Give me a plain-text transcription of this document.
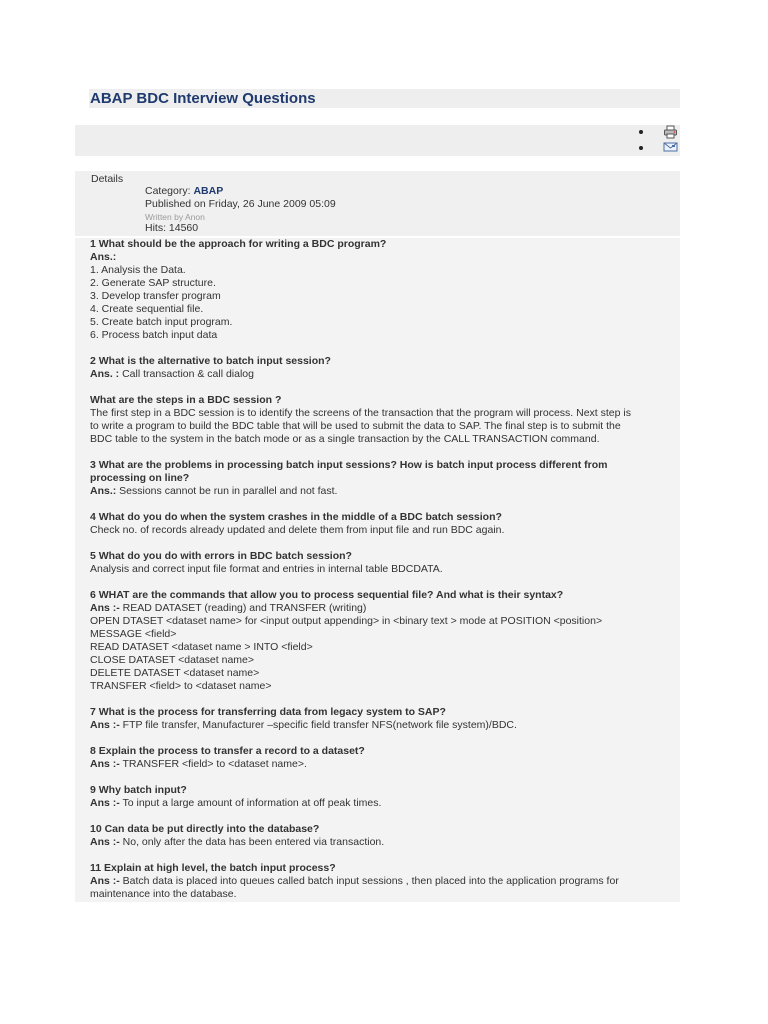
ABAP BDC Interview Questions
Details
Category: ABAP
Published on Friday, 26 June 2009 05:09
Written by Anon
Hits: 14560

1 What should be the approach for writing a BDC program?

Ans.:

1. Analysis the Data.
2. Generate SAP structure.
3. Develop transfer program
4. Create sequential file.
5. Create batch input program.
6. Process batch input data

2 What is the alternative to batch input session?

Ans. : Call transaction & call dialog

What are the steps in a BDC session ?

The first step in a BDC session is to identify the screens of the transaction that the program will process. Next step is

to write a program to build the BDC table that will be used to submit the data to SAP. The final step is to submit the

BDC table to the system in the batch mode or as a single transaction by the CALL TRANSACTION command.

3 What are the problems in processing batch input sessions? How is batch input process different from

processing on line?

Ans.: Sessions cannot be run in parallel and not fast.

4 What do you do when the system crashes in the middle of a BDC batch session?

Check no. of records already updated and delete them from input file and run BDC again.

5 What do you do with errors in BDC batch session?

Analysis and correct input file format and entries in internal table BDCDATA.

6 WHAT are the commands that allow you to process sequential file? And what is their syntax?

Ans :- READ DATASET (reading) and TRANSFER (writing)

OPEN DTASET <dataset name> for <input output appending> in <binary text > mode at POSITION <position>

MESSAGE <field>

READ DATASET <dataset name > INTO <field>

CLOSE DATASET <dataset name>

DELETE DATASET <dataset name>

TRANSFER <field> to <dataset name>

7 What is the process for transferring data from legacy system to SAP?

Ans :- FTP file transfer, Manufacturer –specific field transfer NFS(network file system)/BDC.

8 Explain the process to transfer a record to a dataset?

Ans :- TRANSFER <field> to <dataset name>.

9 Why batch input?

Ans :- To input a large amount of information at off peak times.

10 Can data be put directly into the database?

Ans :- No, only after the data has been entered via transaction.

11 Explain at high level, the batch input process?

Ans :- Batch data is placed into queues called batch input sessions , then placed into the application programs for

maintenance into the database.
